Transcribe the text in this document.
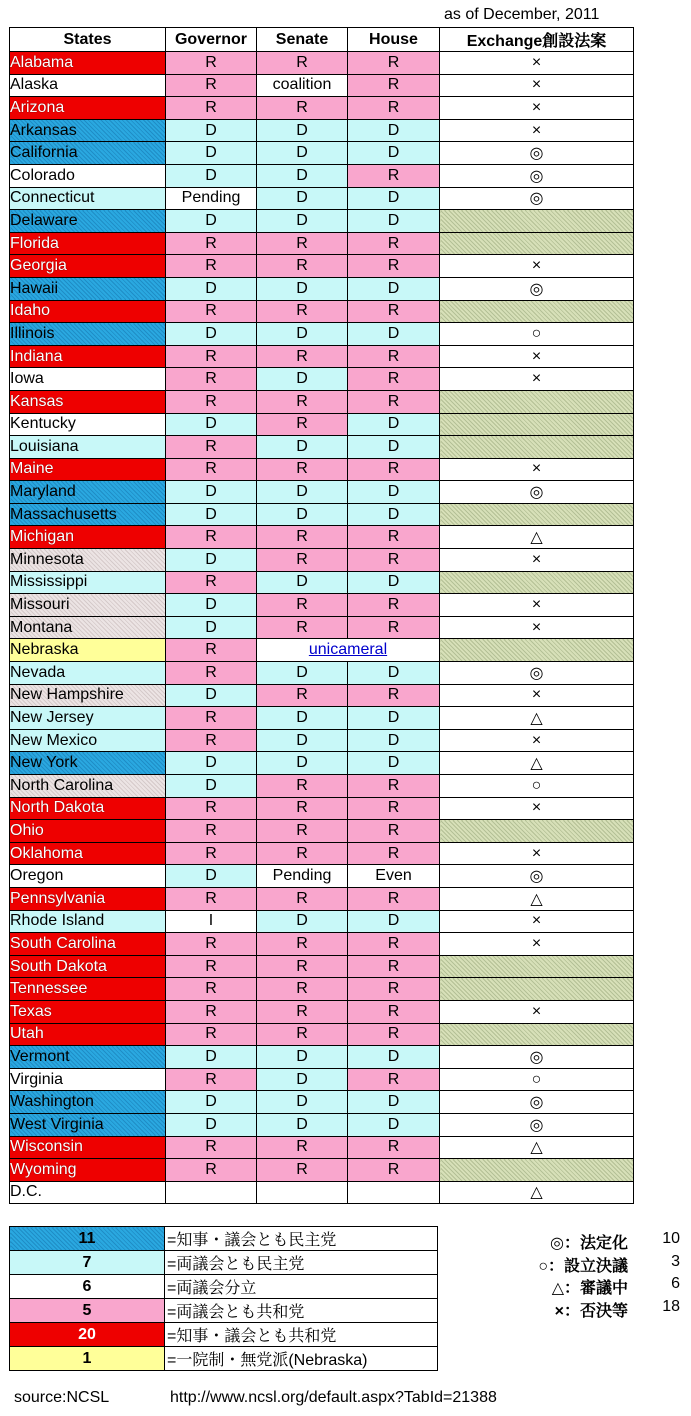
as of December, 2011
States	Governor	Senate	House	Exchange創設法案
Alabama	R	R	R	×
Alaska	R	coalition	R	×
Arizona	R	R	R	×
Arkansas	D	D	D	×
California	D	D	D	◎
Colorado	D	D	R	◎
Connecticut	Pending	D	D	◎
Delaware	D	D	D	
Florida	R	R	R	
Georgia	R	R	R	×
Hawaii	D	D	D	◎
Idaho	R	R	R	
Illinois	D	D	D	○
Indiana	R	R	R	×
Iowa	R	D	R	×
Kansas	R	R	R	
Kentucky	D	R	D	
Louisiana	R	D	D	
Maine	R	R	R	×
Maryland	D	D	D	◎
Massachusetts	D	D	D	
Michigan	R	R	R	△
Minnesota	D	R	R	×
Mississippi	R	D	D	
Missouri	D	R	R	×
Montana	D	R	R	×
Nebraska	R	unicameral		
Nevada	R	D	D	◎
New Hampshire	D	R	R	×
New Jersey	R	D	D	△
New Mexico	R	D	D	×
New York	D	D	D	△
North Carolina	D	R	R	○
North Dakota	R	R	R	×
Ohio	R	R	R	
Oklahoma	R	R	R	×
Oregon	D	Pending	Even	◎
Pennsylvania	R	R	R	△
Rhode Island	I	D	D	×
South Carolina	R	R	R	×
South Dakota	R	R	R	
Tennessee	R	R	R	
Texas	R	R	R	×
Utah	R	R	R	
Vermont	D	D	D	◎
Virginia	R	D	R	○
Washington	D	D	D	◎
West Virginia	D	D	D	◎
Wisconsin	R	R	R	△
Wyoming	R	R	R	
D.C.				△
11	=知事・議会とも民主党
7	=両議会とも民主党
6	=両議会分立
5	=両議会とも共和党
20	=知事・議会とも共和党
1	=一院制・無党派(Nebraska)
◎：法定化 10
○：設立決議	3
△：審議中	6
×：否決等 18
source:NCSL	http://www.ncsl.org/default.aspx?TabId=21388
